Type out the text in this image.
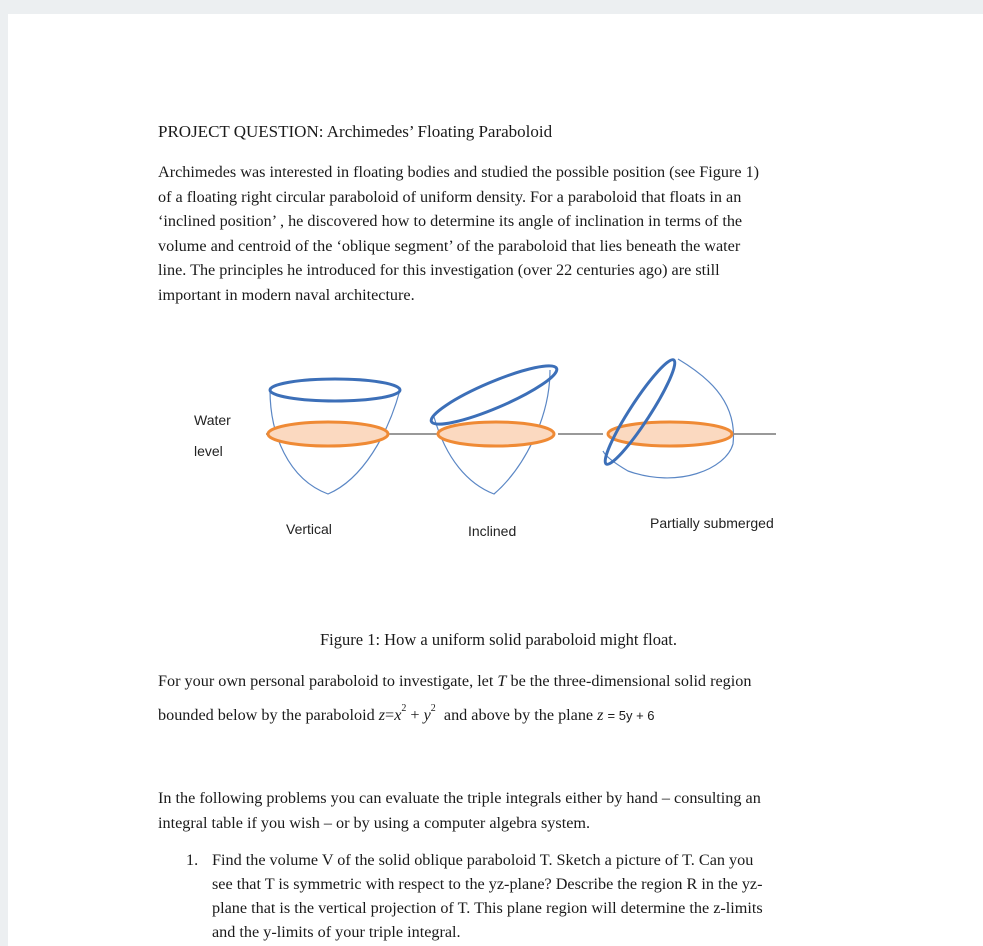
PROJECT QUESTION: Archimedes’ Floating Paraboloid
Archimedes was interested in floating bodies and studied the possible position (see Figure 1)
of a floating right circular paraboloid of uniform density. For a paraboloid that floats in an
‘inclined position’ , he discovered how to determine its angle of inclination in terms of the
volume and centroid of the ‘oblique segment’ of the paraboloid that lies beneath the water
line. The principles he introduced for this investigation (over 22 centuries ago) are still
important in modern naval architecture.
Water
level
Vertical	Inclined	Partially submerged
Figure 1: How a uniform solid paraboloid might float.
For your own personal paraboloid to investigate, let T be the three-dimensional solid region
bounded below by the paraboloid $z=x^2 + y^2$ and above by the plane z = 5y + 6
In the following problems you can evaluate the triple integrals either by hand – consulting an
integral table if you wish – or by using a computer algebra system.
1. Find the volume V of the solid oblique paraboloid T. Sketch a picture of T. Can you
see that T is symmetric with respect to the yz-plane? Describe the region R in the yz-
plane that is the vertical projection of T. This plane region will determine the z-limits
and the y-limits of your triple integral.
